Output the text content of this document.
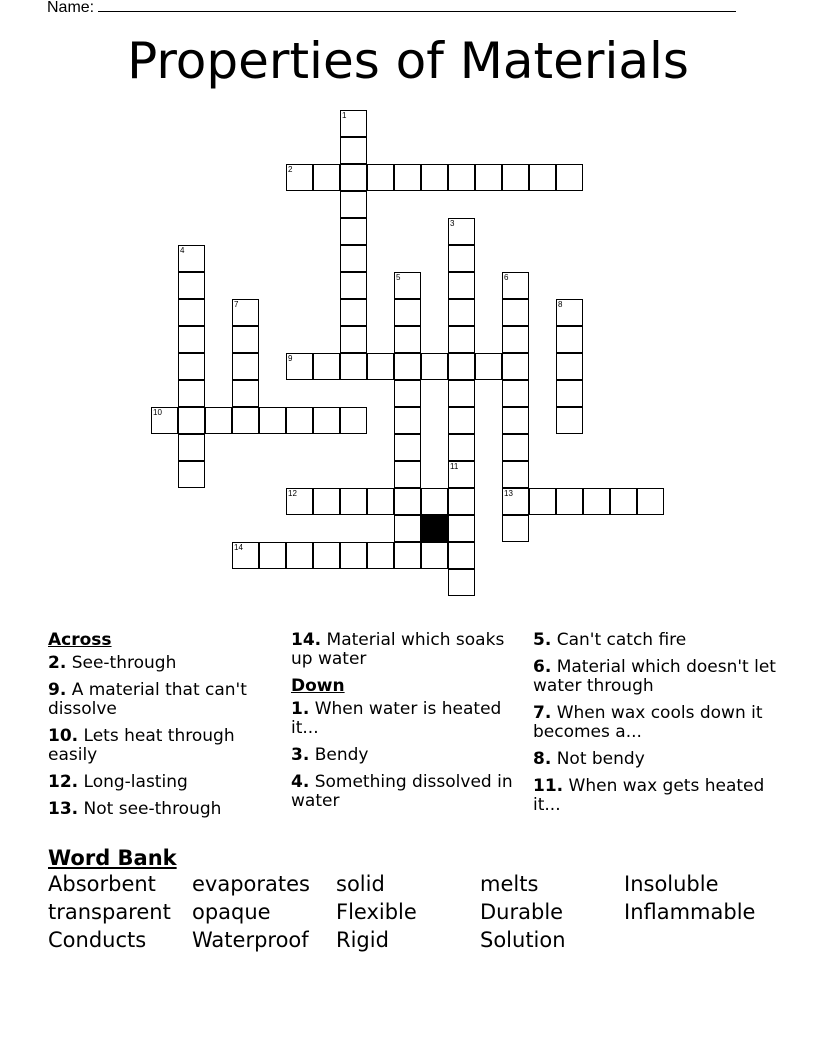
Name:
Properties of Materials
1
2
3
4
5	6
13
7	8
9
10
11
12
14
Across
2. See-through
9. A material that can't dissolve
10. Lets heat through easily
12. Long-lasting
13. Not see-through
14. Material which soaks up water
Down
1. When water is heated it...
3. Bendy
4. Something dissolved in water
5. Can't catch fire
6. Material which doesn't let water through
7. When wax cools down it becomes a...
8. Not bendy
11. When wax gets heated it...
Word Bank
Absorbent	evaporates	solid	melts	Insoluble
transparent	opaque	Flexible	Durable	Inflammable
Conducts	Waterproof	Rigid	Solution
